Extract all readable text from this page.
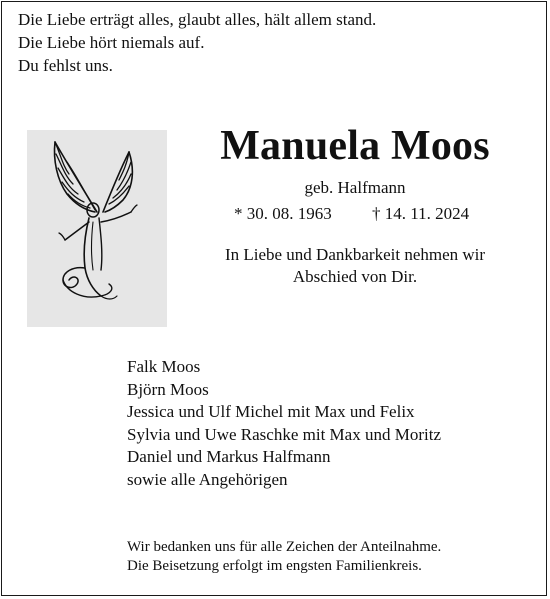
Die Liebe erträgt alles, glaubt alles, hält allem stand.
Die Liebe hört niemals auf.
Du fehlst uns.
Manuela Moos
geb. Halfmann
* 30. 08. 1963 † 14. 11. 2024
In Liebe und Dankbarkeit nehmen wir
Abschied von Dir.
Falk Moos
Björn Moos
Jessica und Ulf Michel mit Max und Felix
Sylvia und Uwe Raschke mit Max und Moritz
Daniel und Markus Halfmann
sowie alle Angehörigen
Wir bedanken uns für alle Zeichen der Anteilnahme.
Die Beisetzung erfolgt im engsten Familienkreis.
